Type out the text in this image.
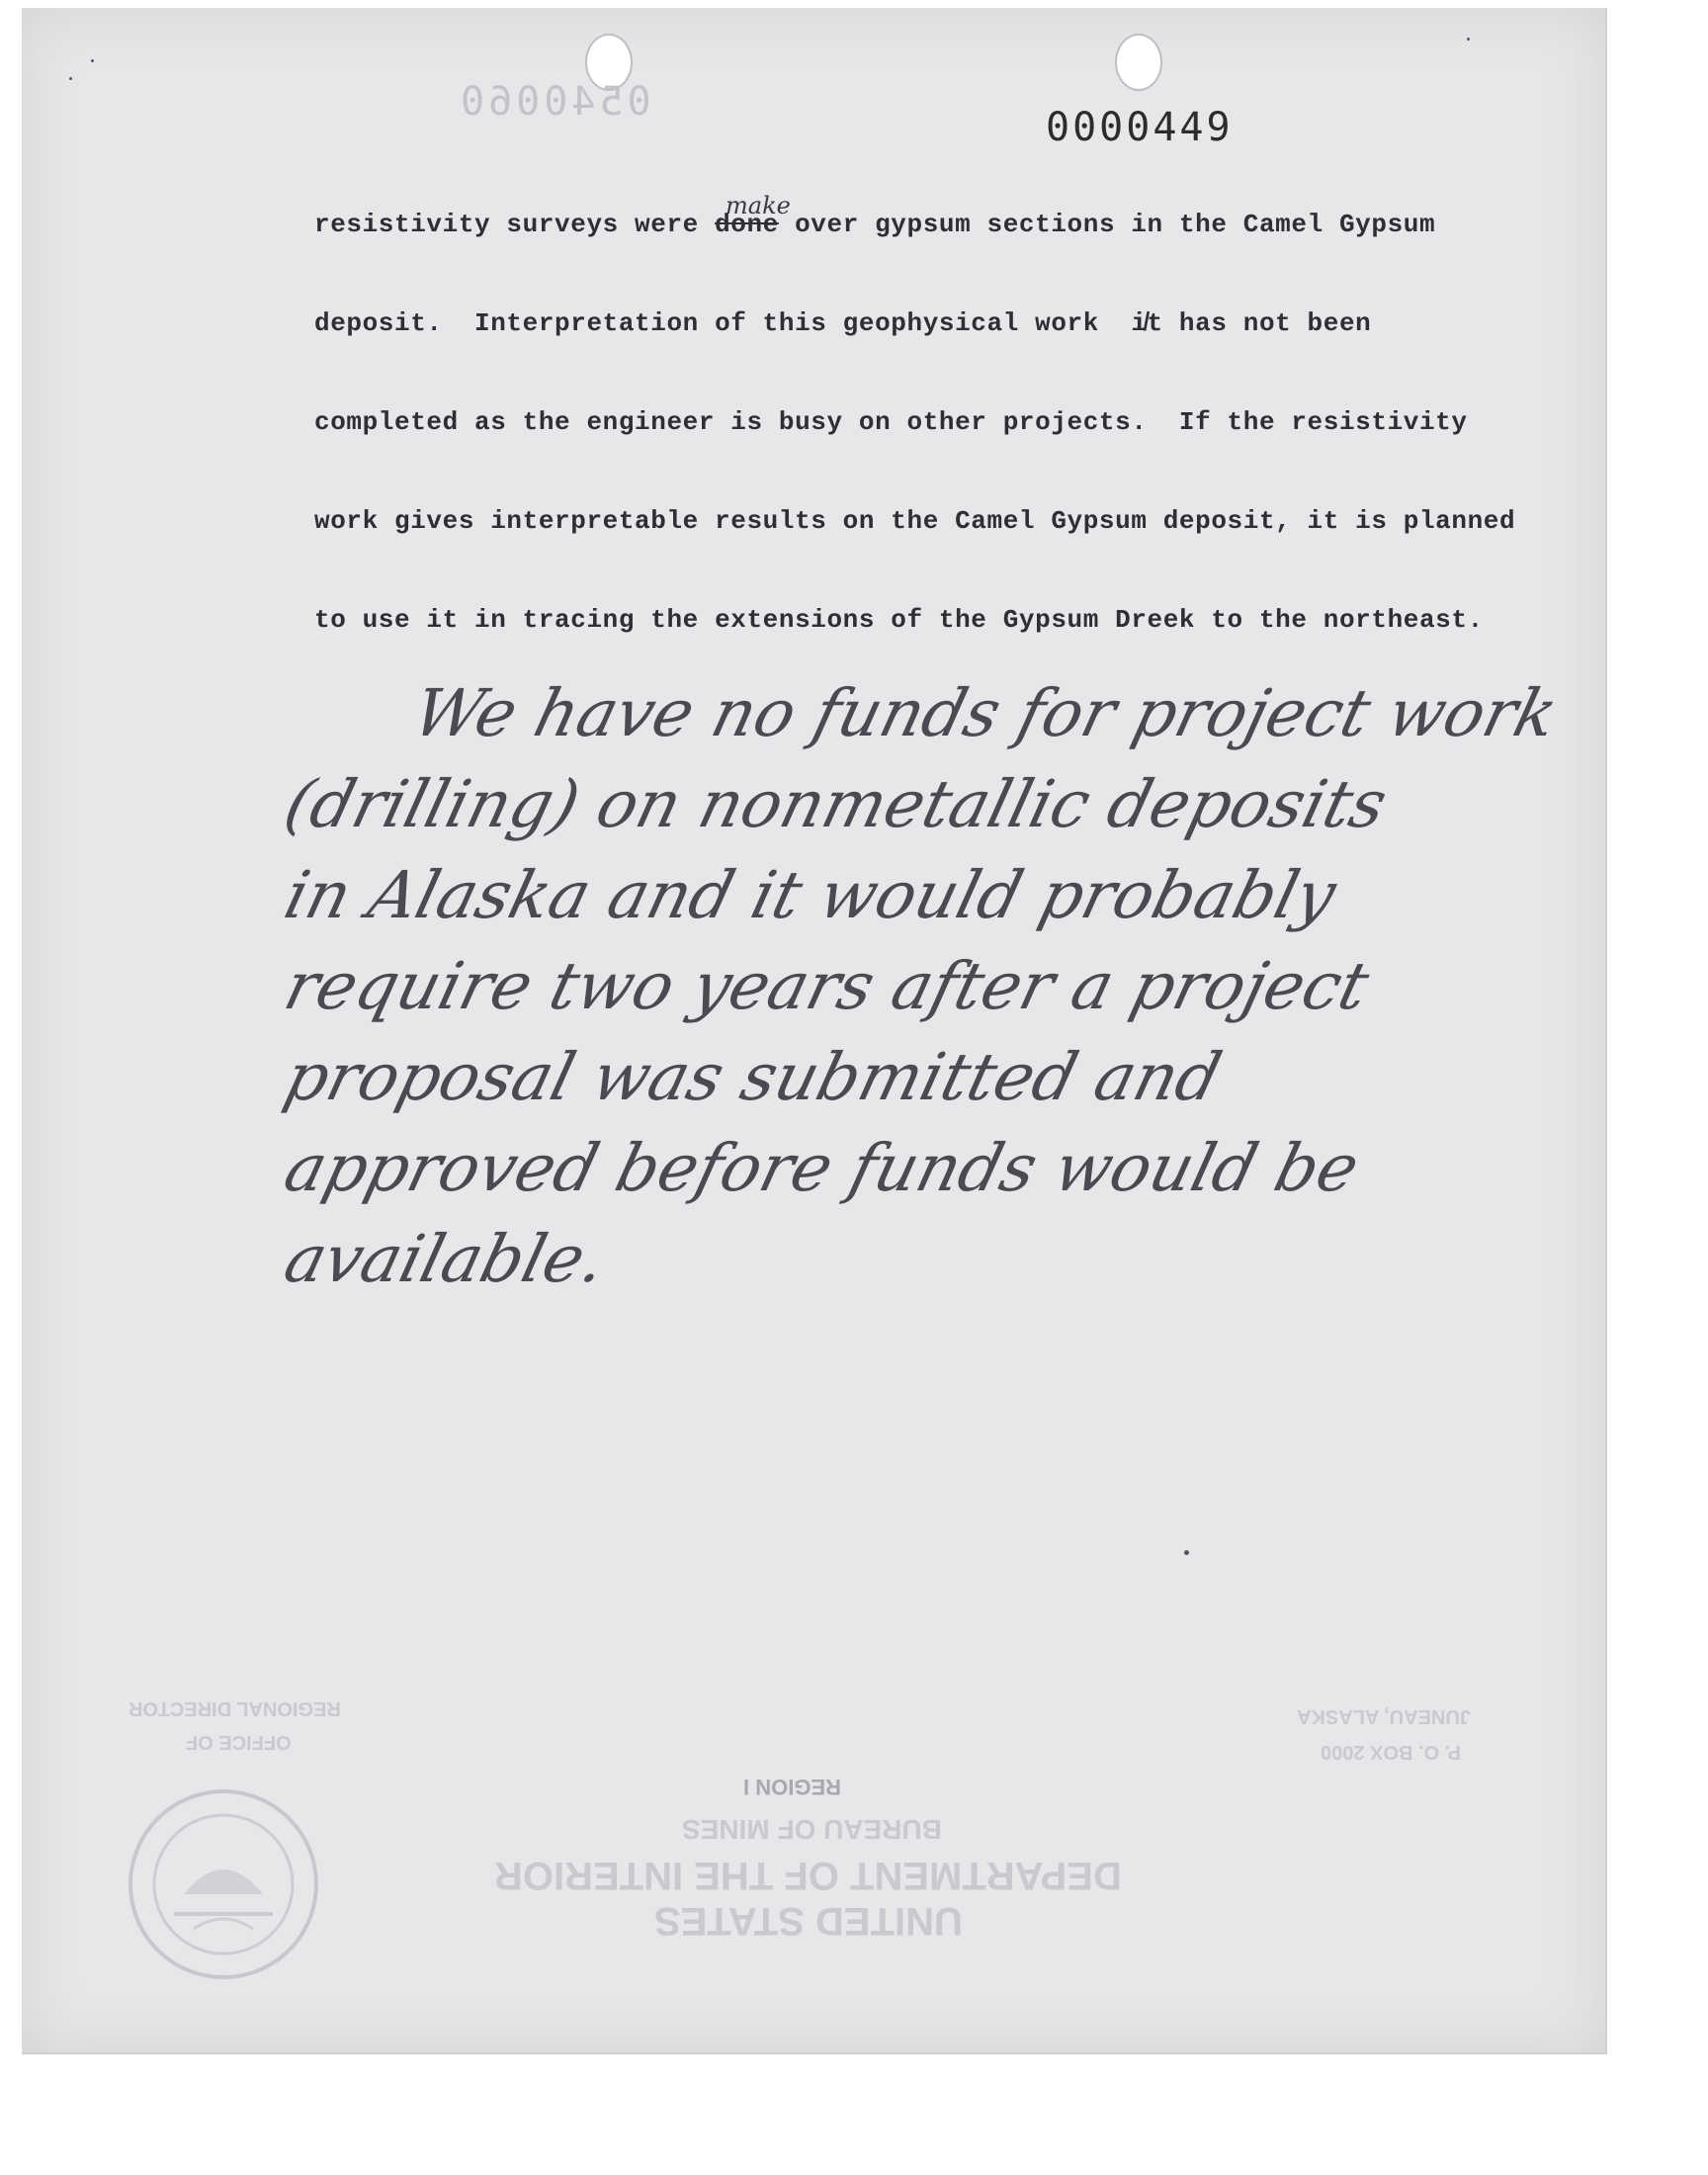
0540060
0000449
make
resistivity surveys were done over gypsum sections in the Camel Gypsum
deposit.  Interpretation of this geophysical work  i̸t has not been
completed as the engineer is busy on other projects.  If the resistivity
work gives interpretable results on the Camel Gypsum deposit, it is planned
to use it in tracing the extensions of the Gypsum Dreek to the northeast.
We have no funds for project work
(drilling) on nonmetallic deposits
in Alaska and it would probably
require two years after a project
proposal was submitted and
approved before funds would be
available.
UNITED STATES
DEPARTMENT OF THE INTERIOR
BUREAU OF MINES
REGION I
OFFICE OF
REGIONAL DIRECTOR
P. O. BOX 2000
JUNEAU, ALASKA
